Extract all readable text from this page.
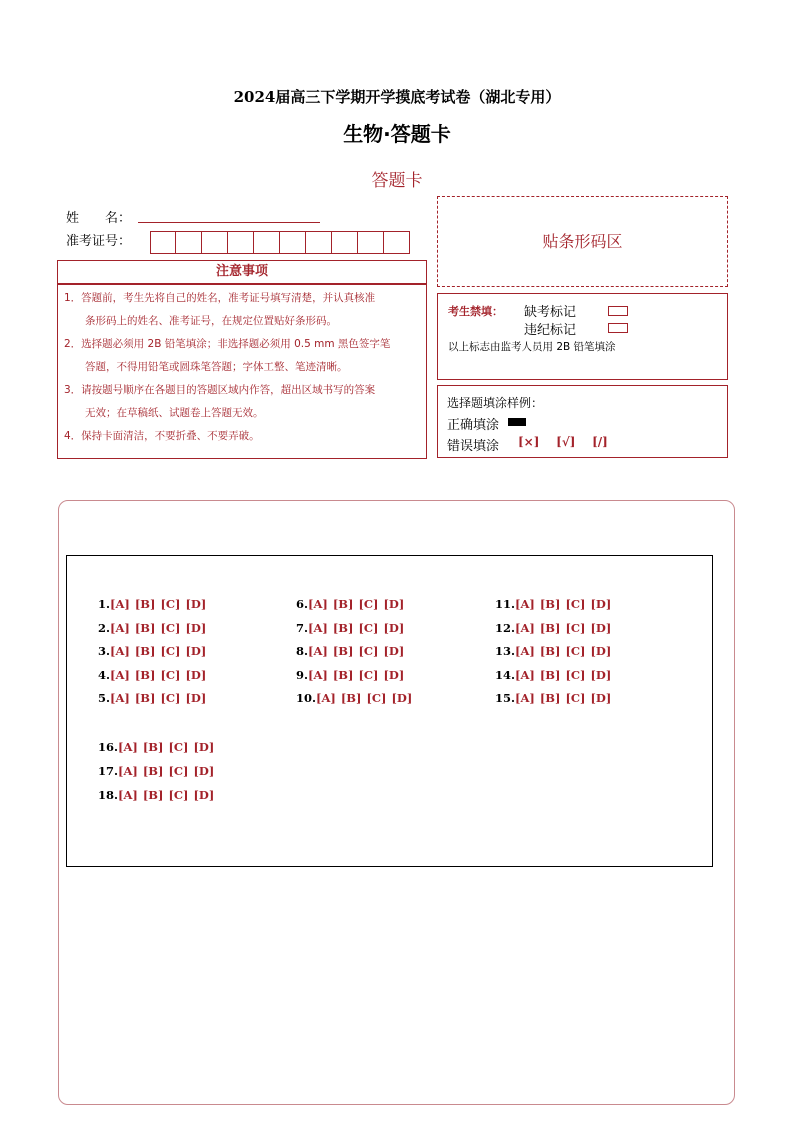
2024届高三下学期开学摸底考试卷（湖北专用）
生物·答题卡
答题卡
姓　　名：
准考证号：	贴条形码区
注意事项
1．答题前，考生先将自己的姓名，准考证号填写清楚，并认真核准
　　条形码上的姓名、准考证号，在规定位置贴好条形码。
2．选择题必须用 2B 铅笔填涂；非选择题必须用 0.5 mm 黑色签字笔
　　答题，不得用铅笔或圆珠笔答题；字体工整、笔迹清晰。
3．请按题号顺序在各题目的答题区域内作答，超出区域书写的答案
　　无效；在草稿纸、试题卷上答题无效。
4．保持卡面清洁，不要折叠、不要弄破。
考生禁填： 缺考标记
违纪标记
以上标志由监考人员用 2B 铅笔填涂
选择题填涂样例：
正确填涂
错误填涂 [×] [√] [/]
1.[A] [B] [C] [D]
2.[A] [B] [C] [D]
3.[A] [B] [C] [D]
4.[A] [B] [C] [D]
5.[A] [B] [C] [D]
6.[A] [B] [C] [D]
7.[A] [B] [C] [D]
8.[A] [B] [C] [D]
9.[A] [B] [C] [D]
10.[A] [B] [C] [D]
11.[A] [B] [C] [D]
12.[A] [B] [C] [D]
13.[A] [B] [C] [D]
14.[A] [B] [C] [D]
15.[A] [B] [C] [D]
16.[A] [B] [C] [D]
17.[A] [B] [C] [D]
18.[A] [B] [C] [D]
